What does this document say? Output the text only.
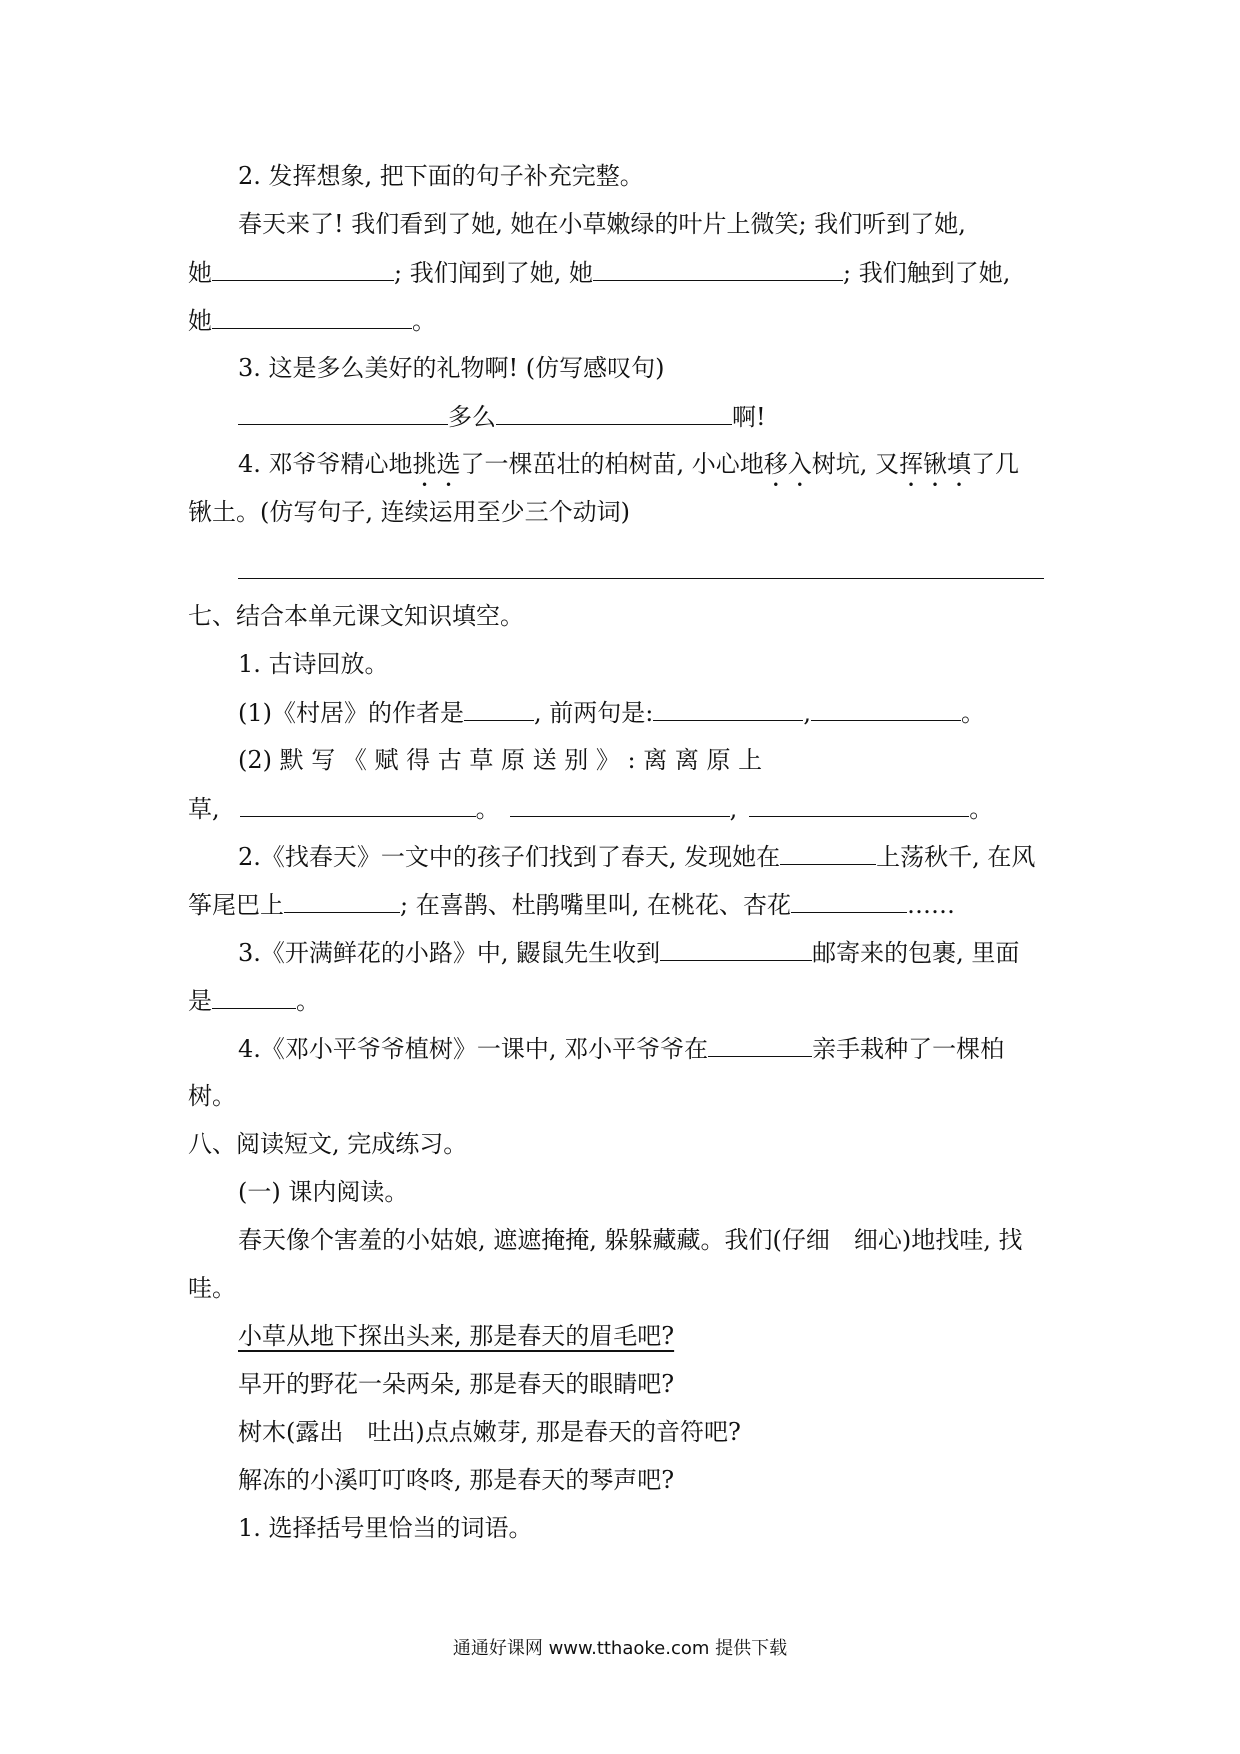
2. 发挥想象, 把下面的句子补充完整。
春天来了! 我们看到了她, 她在小草嫩绿的叶片上微笑; 我们听到了她,
她	; 我们闻到了她, 她	; 我们触到了她,
她	。
3. 这是多么美好的礼物啊! (仿写感叹句)
多么	啊!
4. 邓爷爷精心地挑选了一棵茁壮的柏树苗, 小心地移入树坑, 又挥锹填了几
锹土。(仿写句子, 连续运用至少三个动词)
七、结合本单元课文知识填空。
1. 古诗回放。
(1)《村居》的作者是	, 前两句是:	,	。
(2) 默 写 《 赋 得 古 草 原 送 别 》 : 离 离 原 上
草,	。	,	。
2.《找春天》一文中的孩子们找到了春天, 发现她在	上荡秋千, 在风
筝尾巴上	; 在喜鹊、杜鹃嘴里叫, 在桃花、杏花	……
3.《开满鲜花的小路》中, 鼹鼠先生收到	邮寄来的包裹, 里面
是	。
4.《邓小平爷爷植树》一课中, 邓小平爷爷在	亲手栽种了一棵柏
树。
八、阅读短文, 完成练习。
(一) 课内阅读。
春天像个害羞的小姑娘, 遮遮掩掩, 躲躲藏藏。我们(仔细　细心)地找哇, 找
哇。
小草从地下探出头来, 那是春天的眉毛吧?
早开的野花一朵两朵, 那是春天的眼睛吧?
树木(露出　吐出)点点嫩芽, 那是春天的音符吧?
解冻的小溪叮叮咚咚, 那是春天的琴声吧?
1. 选择括号里恰当的词语。
通通好课网 www.tthaoke.com 提供下载
